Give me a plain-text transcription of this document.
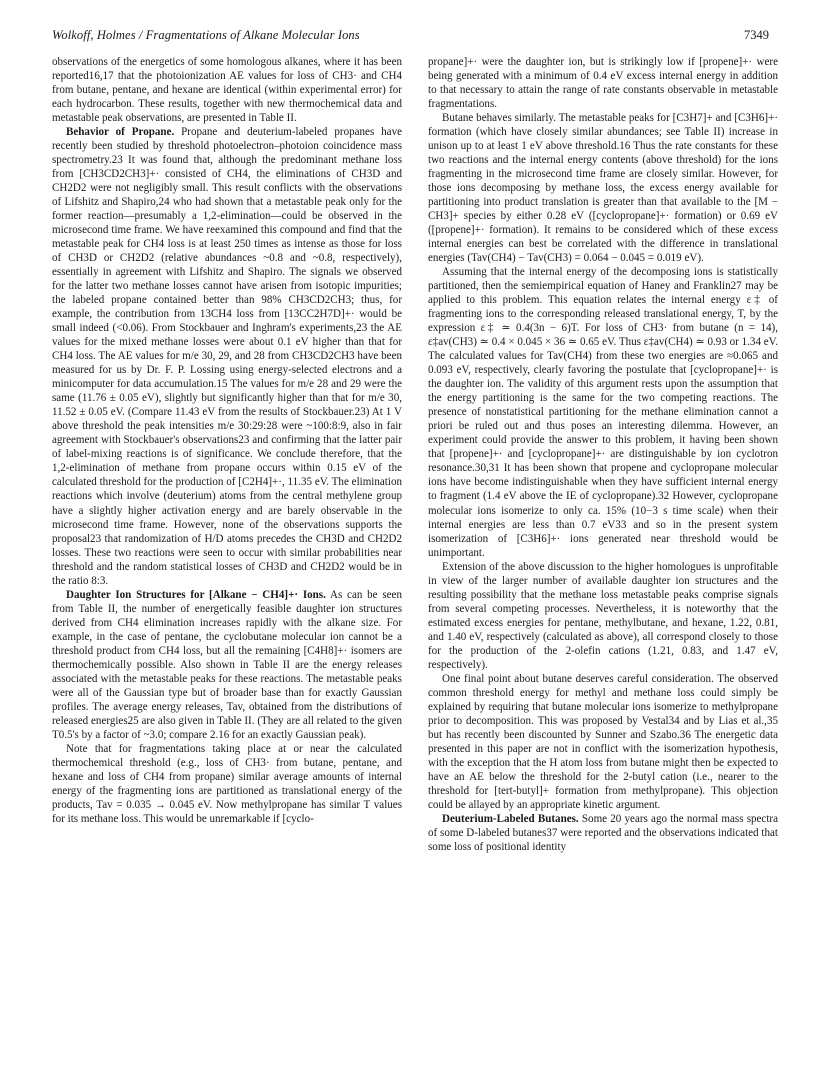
Wolkoff, Holmes / Fragmentations of Alkane Molecular Ions	7349

observations of the energetics of some homologous alkanes, where it has been reported16,17 that the photoionization AE values for loss of CH3· and CH4 from butane, pentane, and hexane are identical (within experimental error) for each hydrocarbon. These results, together with new thermochemical data and metastable peak observations, are presented in Table II.

Behavior of Propane. Propane and deuterium-labeled propanes have recently been studied by threshold photoelectron–photoion coincidence mass spectrometry.23 It was found that, although the predominant methane loss from [CH3CD2CH3]+· consisted of CH4, the eliminations of CH3D and CH2D2 were not negligibly small. This result conflicts with the observations of Lifshitz and Shapiro,24 who had shown that a metastable peak only for the former reaction—presumably a 1,2-elimination—could be observed in the microsecond time frame. We have reexamined this compound and find that the metastable peak for CH4 loss is at least 250 times as intense as those for loss of CH3D or CH2D2 (relative abundances ~0.8 and ~0.8, respectively), essentially in agreement with Lifshitz and Shapiro. The signals we observed for the latter two methane losses cannot have arisen from isotopic impurities; the labeled propane contained better than 98% CH3CD2CH3; thus, for example, the contribution from 13CH4 loss from [13CC2H7D]+· would be small indeed (<0.06). From Stockbauer and Inghram's experiments,23 the AE values for the mixed methane losses were about 0.1 eV higher than that for CH4 loss. The AE values for m/e 30, 29, and 28 from CH3CD2CH3 have been measured for us by Dr. F. P. Lossing using energy-selected electrons and a minicomputer for data accumulation.15 The values for m/e 28 and 29 were the same (11.76 ± 0.05 eV), slightly but significantly higher than that for m/e 30, 11.52 ± 0.05 eV. (Compare 11.43 eV from the results of Stockbauer.23) At 1 V above threshold the peak intensities m/e 30:29:28 were ~100:8:9, also in fair agreement with Stockbauer's observations23 and confirming that the latter pair of label-mixing reactions is of significance. We conclude therefore, that the 1,2-elimination of methane from propane occurs within 0.15 eV of the calculated threshold for the production of [C2H4]+·, 11.35 eV. The elimination reactions which involve (deuterium) atoms from the central methylene group have a slightly higher activation energy and are barely observable in the microsecond time frame. However, none of the observations supports the proposal23 that randomization of H/D atoms precedes the CH3D and CH2D2 losses. These two reactions were seen to occur with similar probabilities near threshold and the random statistical losses of CH3D and CH2D2 would be in the ratio 8:3.

Daughter Ion Structures for [Alkane − CH4]+· Ions. As can be seen from Table II, the number of energetically feasible daughter ion structures derived from CH4 elimination increases rapidly with the alkane size. For example, in the case of pentane, the cyclobutane molecular ion cannot be a threshold product from CH4 loss, but all the remaining [C4H8]+· isomers are thermochemically possible. Also shown in Table II are the energy releases associated with the metastable peaks for these reactions. The metastable peaks were all of the Gaussian type but of broader base than for exactly Gaussian profiles. The average energy releases, Tav, obtained from the distributions of released energies25 are also given in Table II. (They are all related to the given T0.5's by a factor of ~3.0; compare 2.16 for an exactly Gaussian peak).

Note that for fragmentations taking place at or near the calculated thermochemical threshold (e.g., loss of CH3· from butane, pentane, and hexane and loss of CH4 from propane) similar average amounts of internal energy of the fragmenting ions are partitioned as translational energy of the products, Tav = 0.035 → 0.045 eV. Now methylpropane has similar T values for its methane loss. This would be unremarkable if [cyclo-

propane]+· were the daughter ion, but is strikingly low if [propene]+· were being generated with a minimum of 0.4 eV excess internal energy in addition to that necessary to attain the range of rate constants observable in metastable fragmentations.

Butane behaves similarly. The metastable peaks for [C3H7]+ and [C3H6]+· formation (which have closely similar abundances; see Table II) increase in unison up to at least 1 eV above threshold.16 Thus the rate constants for these two reactions and the internal energy contents (above threshold) for the ions fragmenting in the microsecond time frame are closely similar. However, for those ions decomposing by methane loss, the excess energy available for partitioning into product translation is greater than that available to the [M − CH3]+ species by either 0.28 eV ([cyclopropane]+· formation) or 0.69 eV ([propene]+· formation). It remains to be considered which of these excess internal energies can best be correlated with the difference in translational energies (Tav(CH4) − Tav(CH3) = 0.064 − 0.045 = 0.019 eV).

Assuming that the internal energy of the decomposing ions is statistically partitioned, then the semiempirical equation of Haney and Franklin27 may be applied to this problem. This equation relates the internal energy ε‡ of fragmenting ions to the corresponding released translational energy, T, by the expression ε‡ ≃ 0.4(3n − 6)T. For loss of CH3· from butane (n = 14), ε‡av(CH3) ≃ 0.4 × 0.045 × 36 ≃ 0.65 eV. Thus ε‡av(CH4) ≃ 0.93 or 1.34 eV. The calculated values for Tav(CH4) from these two energies are ≈0.065 and 0.093 eV, respectively, clearly favoring the postulate that [cyclopropane]+· is the daughter ion. The validity of this argument rests upon the assumption that the energy partitioning is the same for the two competing reactions. The presence of nonstatistical partitioning for the methane elimination cannot a priori be ruled out and thus poses an interesting dilemma. However, an experiment could provide the answer to this problem, it having been shown that [propene]+· and [cyclopropane]+· are distinguishable by ion cyclotron resonance.30,31 It has been shown that propene and cyclopropane molecular ions have become indistinguishable when they have sufficient internal energy to fragment (1.4 eV above the IE of cyclopropane).32 However, cyclopropane molecular ions isomerize to only ca. 15% (10−3 s time scale) when their internal energies are less than 0.7 eV33 and so in the present system isomerization of [C3H6]+· ions generated near threshold would be unimportant.

Extension of the above discussion to the higher homologues is unprofitable in view of the larger number of available daughter ion structures and the resulting possibility that the methane loss metastable peaks comprise signals from several competing processes. Nevertheless, it is noteworthy that the estimated excess energies for pentane, methylbutane, and hexane, 1.22, 0.81, and 1.40 eV, respectively (calculated as above), all correspond closely to those for the production of the 2-olefin cations (1.21, 0.83, and 1.47 eV, respectively).

One final point about butane deserves careful consideration. The observed common threshold energy for methyl and methane loss could simply be explained by requiring that butane molecular ions isomerize to methylpropane prior to decomposition. This was proposed by Vestal34 and by Lias et al.,35 but has recently been discounted by Sunner and Szabo.36 The energetic data presented in this paper are not in conflict with the isomerization hypothesis, with the exception that the H atom loss from butane might then be expected to have an AE below the threshold for the 2-butyl cation (i.e., nearer to the threshold for [tert-butyl]+ formation from methylpropane). This objection could be allayed by an appropriate kinetic argument.

Deuterium-Labeled Butanes. Some 20 years ago the normal mass spectra of some D-labeled butanes37 were reported and the observations indicated that some loss of positional identity
